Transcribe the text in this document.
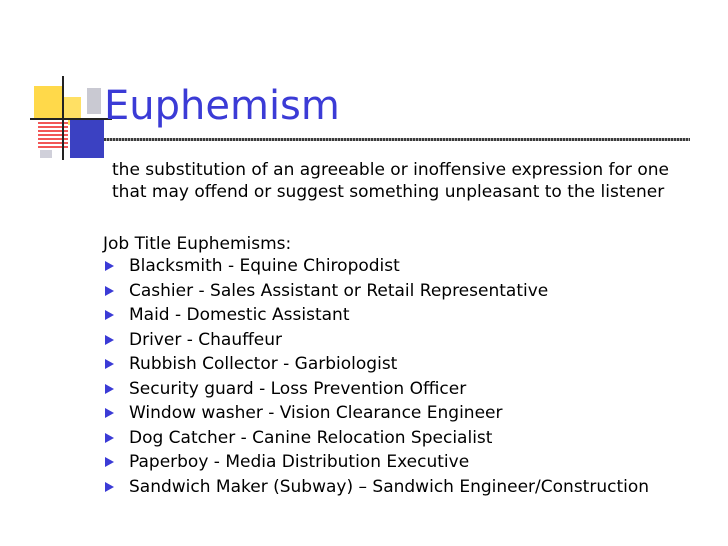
Euphemism
the substitution of an agreeable or inoffensive expression for one
that may offend or suggest something unpleasant to the listener
Job Title Euphemisms:
Blacksmith - Equine Chiropodist
Cashier - Sales Assistant or Retail Representative
Maid - Domestic Assistant
Driver - Chauffeur
Rubbish Collector - Garbiologist
Security guard - Loss Prevention Officer
Window washer - Vision Clearance Engineer
Dog Catcher - Canine Relocation Specialist
Paperboy - Media Distribution Executive
Sandwich Maker (Subway) – Sandwich Engineer/Construction
